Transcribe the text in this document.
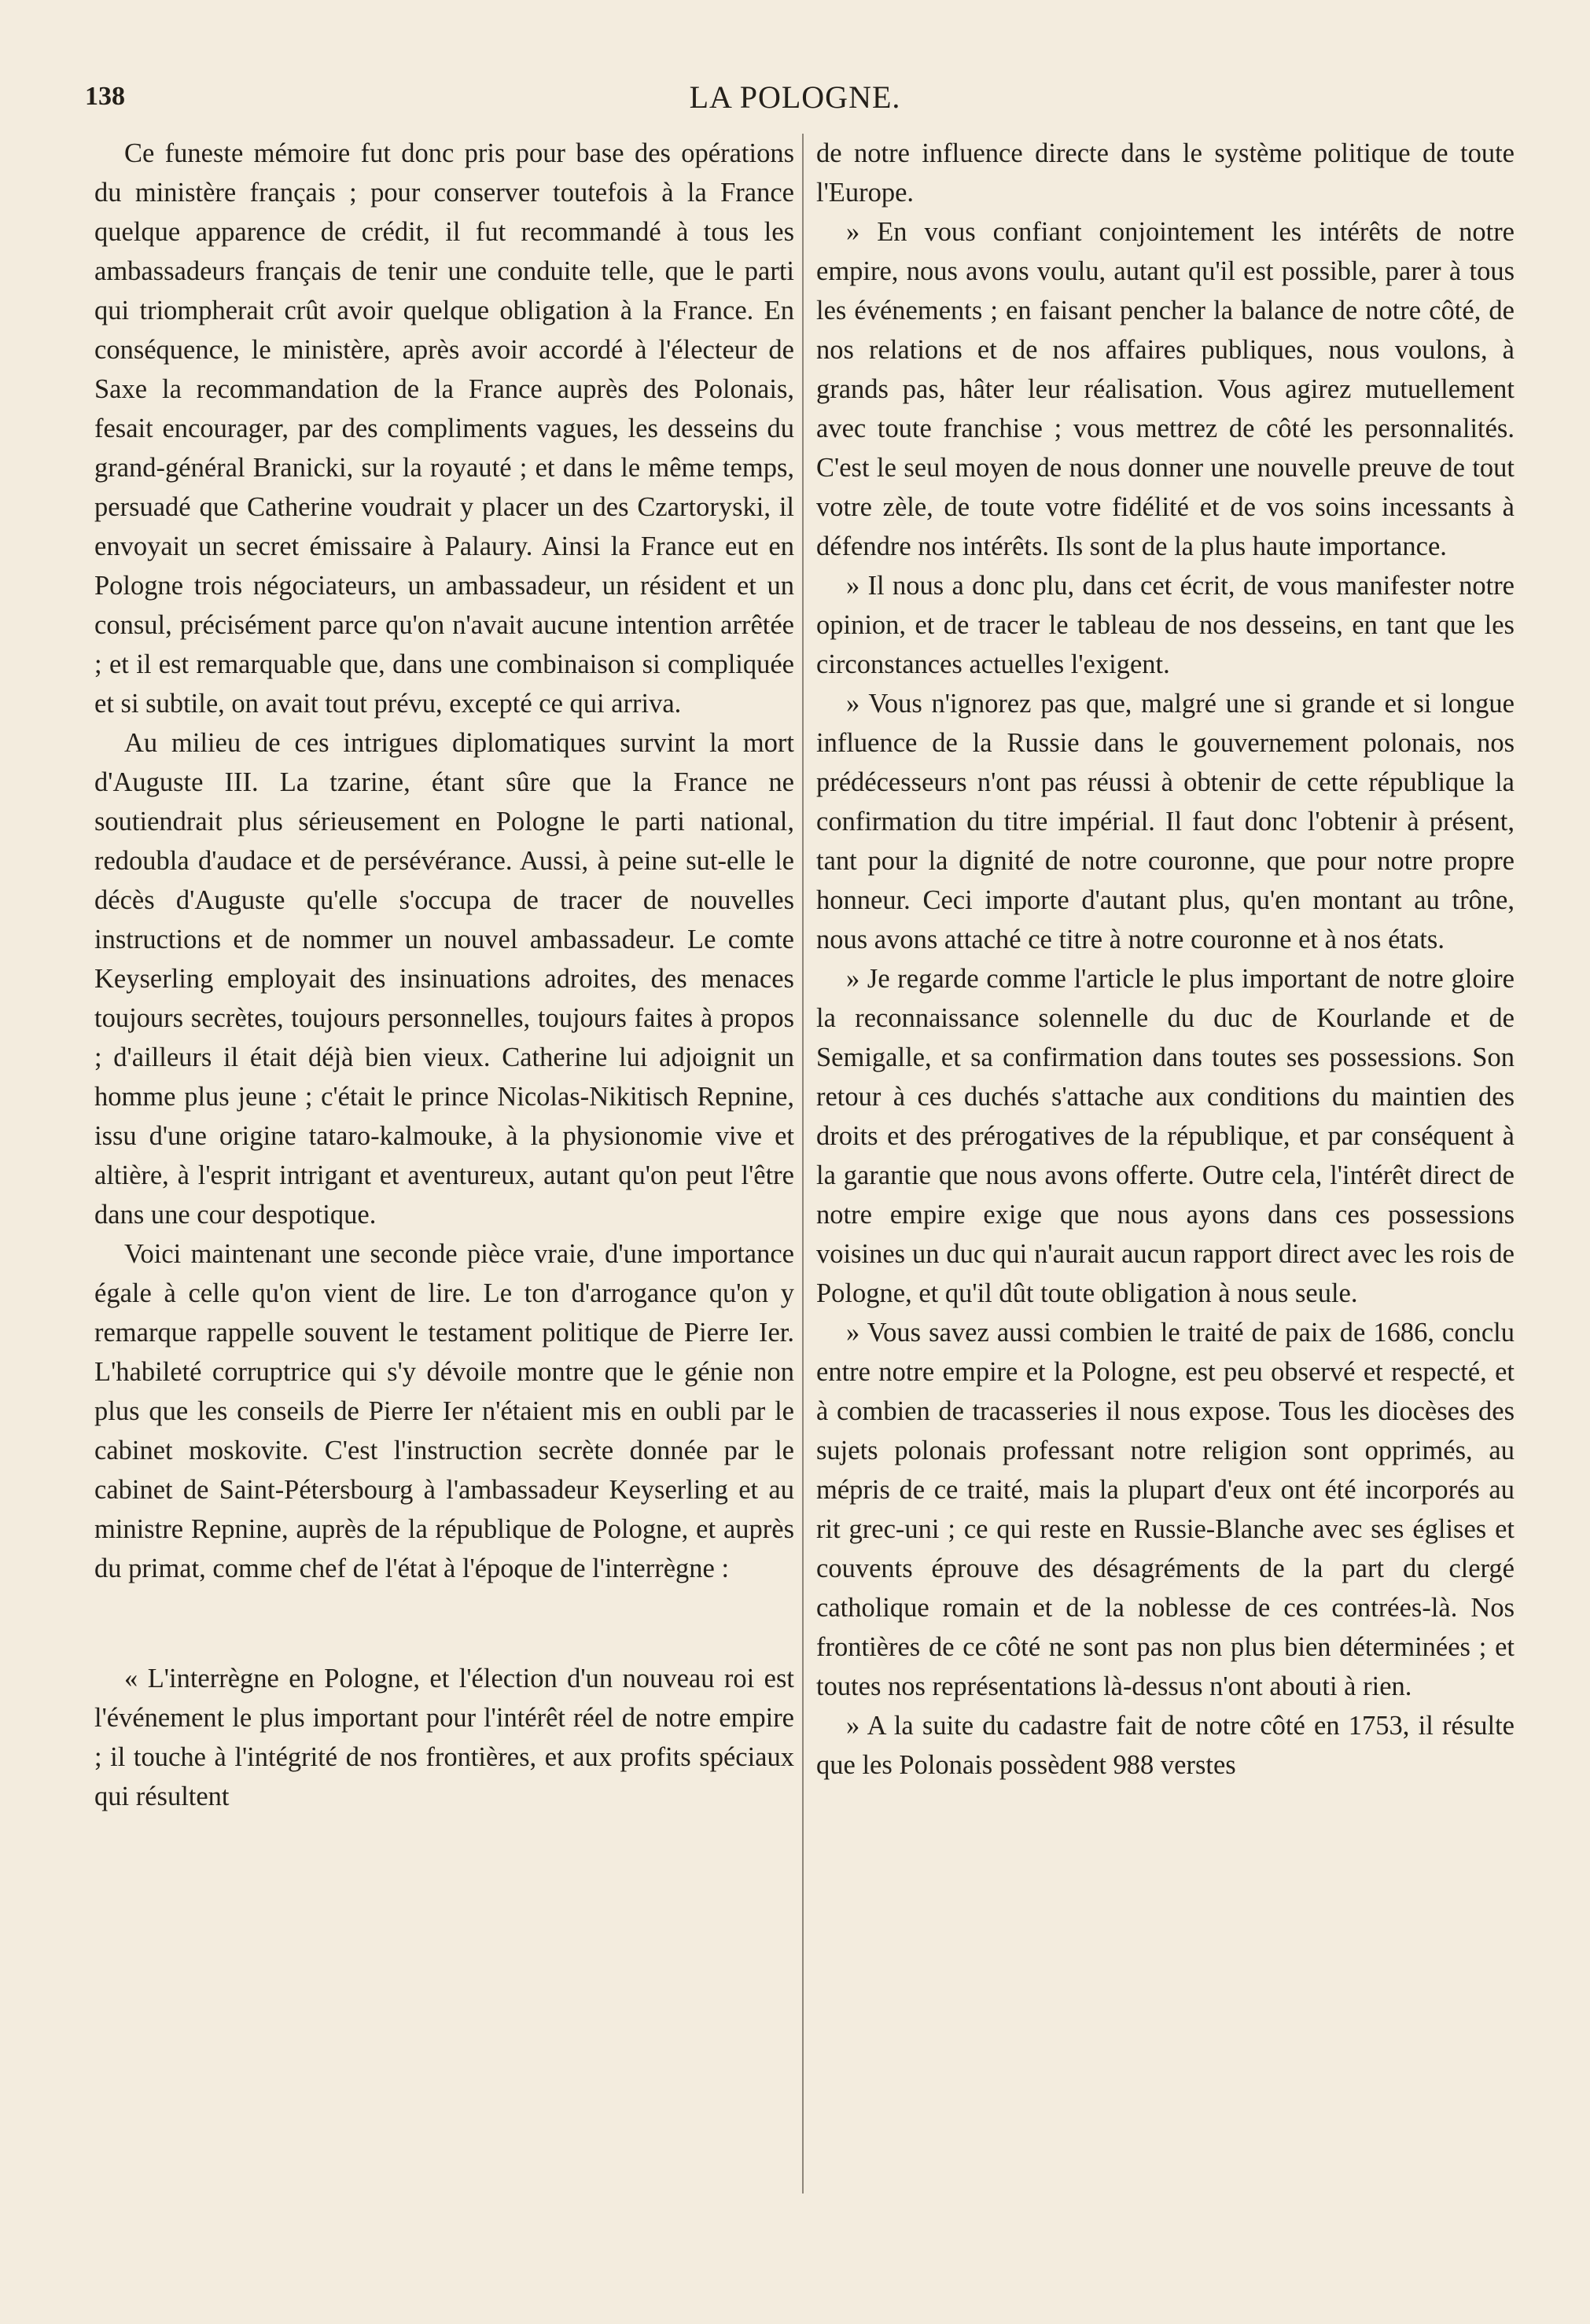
138	LA POLOGNE.

Ce funeste mémoire fut donc pris pour base des opérations du ministère français ; pour conserver toutefois à la France quelque apparence de crédit, il fut recommandé à tous les ambassadeurs français de tenir une conduite telle, que le parti qui triompherait crût avoir quelque obligation à la France. En conséquence, le ministère, après avoir accordé à l'électeur de Saxe la recommandation de la France auprès des Polonais, fesait encourager, par des compliments vagues, les desseins du grand-général Branicki, sur la royauté ; et dans le même temps, persuadé que Catherine voudrait y placer un des Czartoryski, il envoyait un secret émissaire à Palaury. Ainsi la France eut en Pologne trois négociateurs, un ambassadeur, un résident et un consul, précisément parce qu'on n'avait aucune intention arrêtée ; et il est remarquable que, dans une combinaison si compliquée et si subtile, on avait tout prévu, excepté ce qui arriva.

Au milieu de ces intrigues diplomatiques survint la mort d'Auguste III. La tzarine, étant sûre que la France ne soutiendrait plus sérieusement en Pologne le parti national, redoubla d'audace et de persévérance. Aussi, à peine sut-elle le décès d'Auguste qu'elle s'occupa de tracer de nouvelles instructions et de nommer un nouvel ambassadeur. Le comte Keyserling employait des insinuations adroites, des menaces toujours secrètes, toujours personnelles, toujours faites à propos ; d'ailleurs il était déjà bien vieux. Catherine lui adjoignit un homme plus jeune ; c'était le prince Nicolas-Nikitisch Repnine, issu d'une origine tataro-kalmouke, à la physionomie vive et altière, à l'esprit intrigant et aventureux, autant qu'on peut l'être dans une cour despotique.

Voici maintenant une seconde pièce vraie, d'une importance égale à celle qu'on vient de lire. Le ton d'arrogance qu'on y remarque rappelle souvent le testament politique de Pierre Ier. L'habileté corruptrice qui s'y dévoile montre que le génie non plus que les conseils de Pierre Ier n'étaient mis en oubli par le cabinet moskovite. C'est l'instruction secrète donnée par le cabinet de Saint-Pétersbourg à l'ambassadeur Keyserling et au ministre Repnine, auprès de la république de Pologne, et auprès du primat, comme chef de l'état à l'époque de l'interrègne :

« L'interrègne en Pologne, et l'élection d'un nouveau roi est l'événement le plus important pour l'intérêt réel de notre empire ; il touche à l'intégrité de nos frontières, et aux profits spéciaux qui résultent

de notre influence directe dans le système politique de toute l'Europe.

» En vous confiant conjointement les intérêts de notre empire, nous avons voulu, autant qu'il est possible, parer à tous les événements ; en faisant pencher la balance de notre côté, de nos relations et de nos affaires publiques, nous voulons, à grands pas, hâter leur réalisation. Vous agirez mutuellement avec toute franchise ; vous mettrez de côté les personnalités. C'est le seul moyen de nous donner une nouvelle preuve de tout votre zèle, de toute votre fidélité et de vos soins incessants à défendre nos intérêts. Ils sont de la plus haute importance.

» Il nous a donc plu, dans cet écrit, de vous manifester notre opinion, et de tracer le tableau de nos desseins, en tant que les circonstances actuelles l'exigent.

» Vous n'ignorez pas que, malgré une si grande et si longue influence de la Russie dans le gouvernement polonais, nos prédécesseurs n'ont pas réussi à obtenir de cette république la confirmation du titre impérial. Il faut donc l'obtenir à présent, tant pour la dignité de notre couronne, que pour notre propre honneur. Ceci importe d'autant plus, qu'en montant au trône, nous avons attaché ce titre à notre couronne et à nos états.

» Je regarde comme l'article le plus important de notre gloire la reconnaissance solennelle du duc de Kourlande et de Semigalle, et sa confirmation dans toutes ses possessions. Son retour à ces duchés s'attache aux conditions du maintien des droits et des prérogatives de la république, et par conséquent à la garantie que nous avons offerte. Outre cela, l'intérêt direct de notre empire exige que nous ayons dans ces possessions voisines un duc qui n'aurait aucun rapport direct avec les rois de Pologne, et qu'il dût toute obligation à nous seule.

» Vous savez aussi combien le traité de paix de 1686, conclu entre notre empire et la Pologne, est peu observé et respecté, et à combien de tracasseries il nous expose. Tous les diocèses des sujets polonais professant notre religion sont opprimés, au mépris de ce traité, mais la plupart d'eux ont été incorporés au rit grec-uni ; ce qui reste en Russie-Blanche avec ses églises et couvents éprouve des désagréments de la part du clergé catholique romain et de la noblesse de ces contrées-là. Nos frontières de ce côté ne sont pas non plus bien déterminées ; et toutes nos représentations là-dessus n'ont abouti à rien.

» A la suite du cadastre fait de notre côté en 1753, il résulte que les Polonais possèdent 988 verstes
